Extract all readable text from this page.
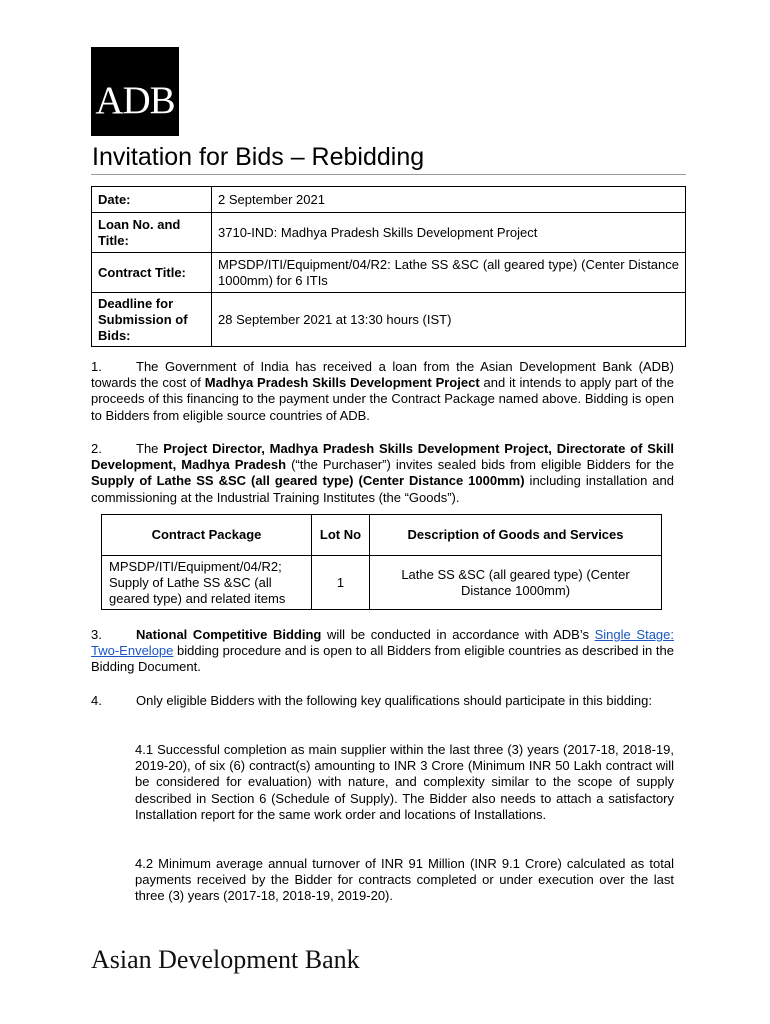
ADB
Invitation for Bids – Rebidding
Date:	2 September 2021
Loan No. and Title:	3710-IND: Madhya Pradesh Skills Development Project
Contract Title:	MPSDP/ITI/Equipment/04/R2: Lathe SS &SC (all geared type) (Center Distance 1000mm) for 6 ITIs
Deadline for Submission of Bids:	28 September 2021 at 13:30 hours (IST)

1.	The Government of India has received a loan from the Asian Development Bank (ADB) towards the cost of Madhya Pradesh Skills Development Project and it intends to apply part of the proceeds of this financing to the payment under the Contract Package named above. Bidding is open to Bidders from eligible source countries of ADB.

2.	The Project Director, Madhya Pradesh Skills Development Project, Directorate of Skill Development, Madhya Pradesh (“the Purchaser”) invites sealed bids from eligible Bidders for the Supply of Lathe SS &SC (all geared type) (Center Distance 1000mm) including installation and commissioning at the Industrial Training Institutes (the “Goods”).

Contract Package	Lot No	Description of Goods and Services
MPSDP/ITI/Equipment/04/R2; Supply of Lathe SS &SC (all geared type) and related items	1	Lathe SS &SC (all geared type) (Center Distance 1000mm)

3.	National Competitive Bidding will be conducted in accordance with ADB’s Single Stage: Two-Envelope bidding procedure and is open to all Bidders from eligible countries as described in the Bidding Document.

4.	Only eligible Bidders with the following key qualifications should participate in this bidding:

4.1 Successful completion as main supplier within the last three (3) years (2017-18, 2018-19, 2019-20), of six (6) contract(s) amounting to INR 3 Crore (Minimum INR 50 Lakh contract will be considered for evaluation) with nature, and complexity similar to the scope of supply described in Section 6 (Schedule of Supply). The Bidder also needs to attach a satisfactory Installation report for the same work order and locations of Installations.

4.2 Minimum average annual turnover of INR 91 Million (INR 9.1 Crore) calculated as total payments received by the Bidder for contracts completed or under execution over the last three (3) years (2017-18, 2018-19, 2019-20).

Asian Development Bank
